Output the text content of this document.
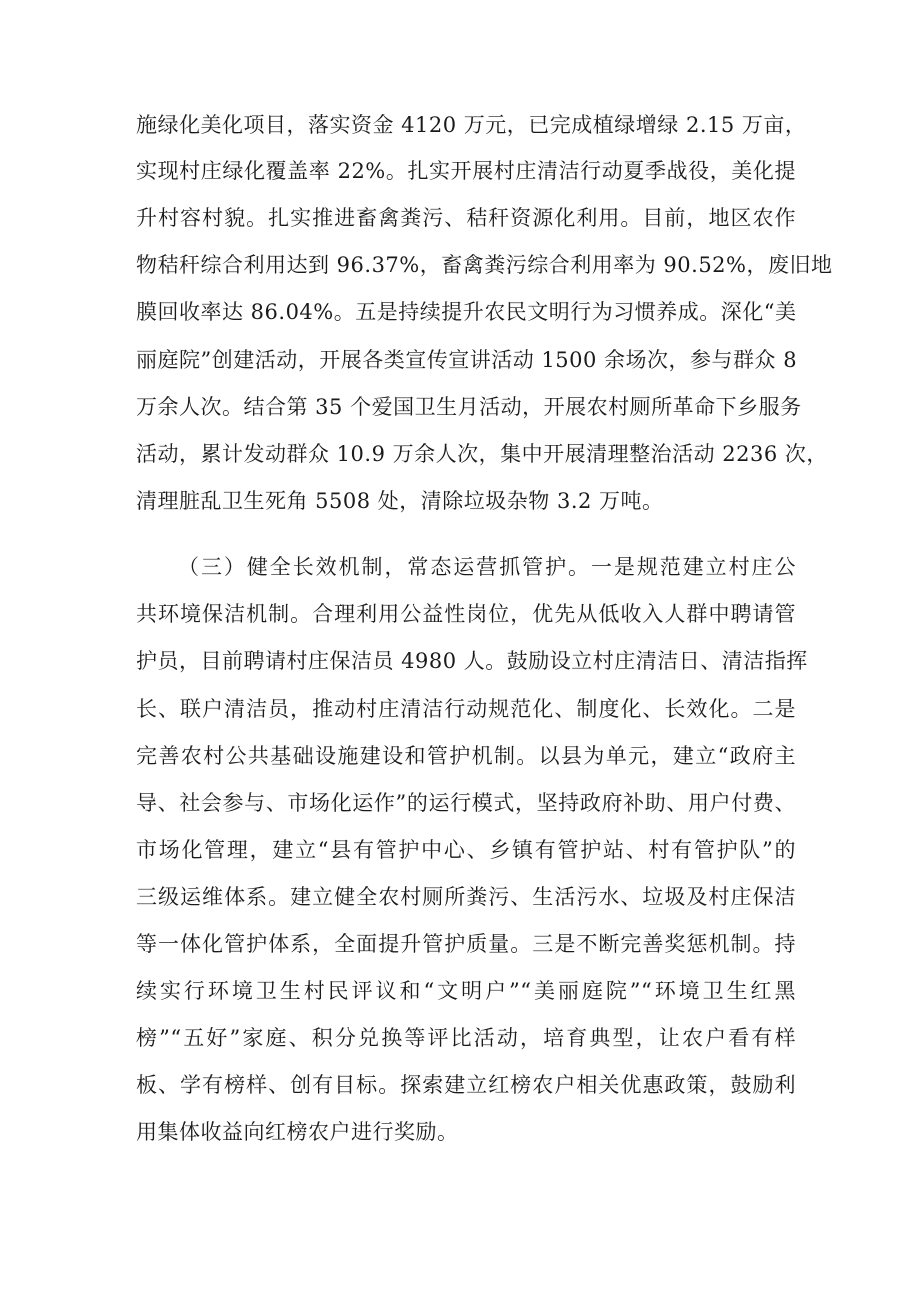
施绿化美化项目，落实资金 4120 万元，已完成植绿增绿 2.15 万亩，
实现村庄绿化覆盖率 22%。扎实开展村庄清洁行动夏季战役，美化提
升村容村貌。扎实推进畜禽粪污、秸秆资源化利用。目前，地区农作
物秸秆综合利用达到 96.37%，畜禽粪污综合利用率为 90.52%，废旧地
膜回收率达 86.04%。五是持续提升农民文明行为习惯养成。深化“美
丽庭院”创建活动，开展各类宣传宣讲活动 1500 余场次，参与群众 8
万余人次。结合第 35 个爱国卫生月活动，开展农村厕所革命下乡服务
活动，累计发动群众 10.9 万余人次，集中开展清理整治活动 2236 次，
清理脏乱卫生死角 5508 处，清除垃圾杂物 3.2 万吨。
（三）健全长效机制，常态运营抓管护。一是规范建立村庄公
共环境保洁机制。合理利用公益性岗位，优先从低收入人群中聘请管
护员，目前聘请村庄保洁员 4980 人。鼓励设立村庄清洁日、清洁指挥
长、联户清洁员，推动村庄清洁行动规范化、制度化、长效化。二是
完善农村公共基础设施建设和管护机制。以县为单元，建立“政府主
导、社会参与、市场化运作”的运行模式，坚持政府补助、用户付费、
市场化管理，建立“县有管护中心、乡镇有管护站、村有管护队”的
三级运维体系。建立健全农村厕所粪污、生活污水、垃圾及村庄保洁
等一体化管护体系，全面提升管护质量。三是不断完善奖惩机制。持
续实行环境卫生村民评议和“文明户”“美丽庭院”“环境卫生红黑
榜”“五好”家庭、积分兑换等评比活动，培育典型，让农户看有样
板、学有榜样、创有目标。探索建立红榜农户相关优惠政策，鼓励利
用集体收益向红榜农户进行奖励。
